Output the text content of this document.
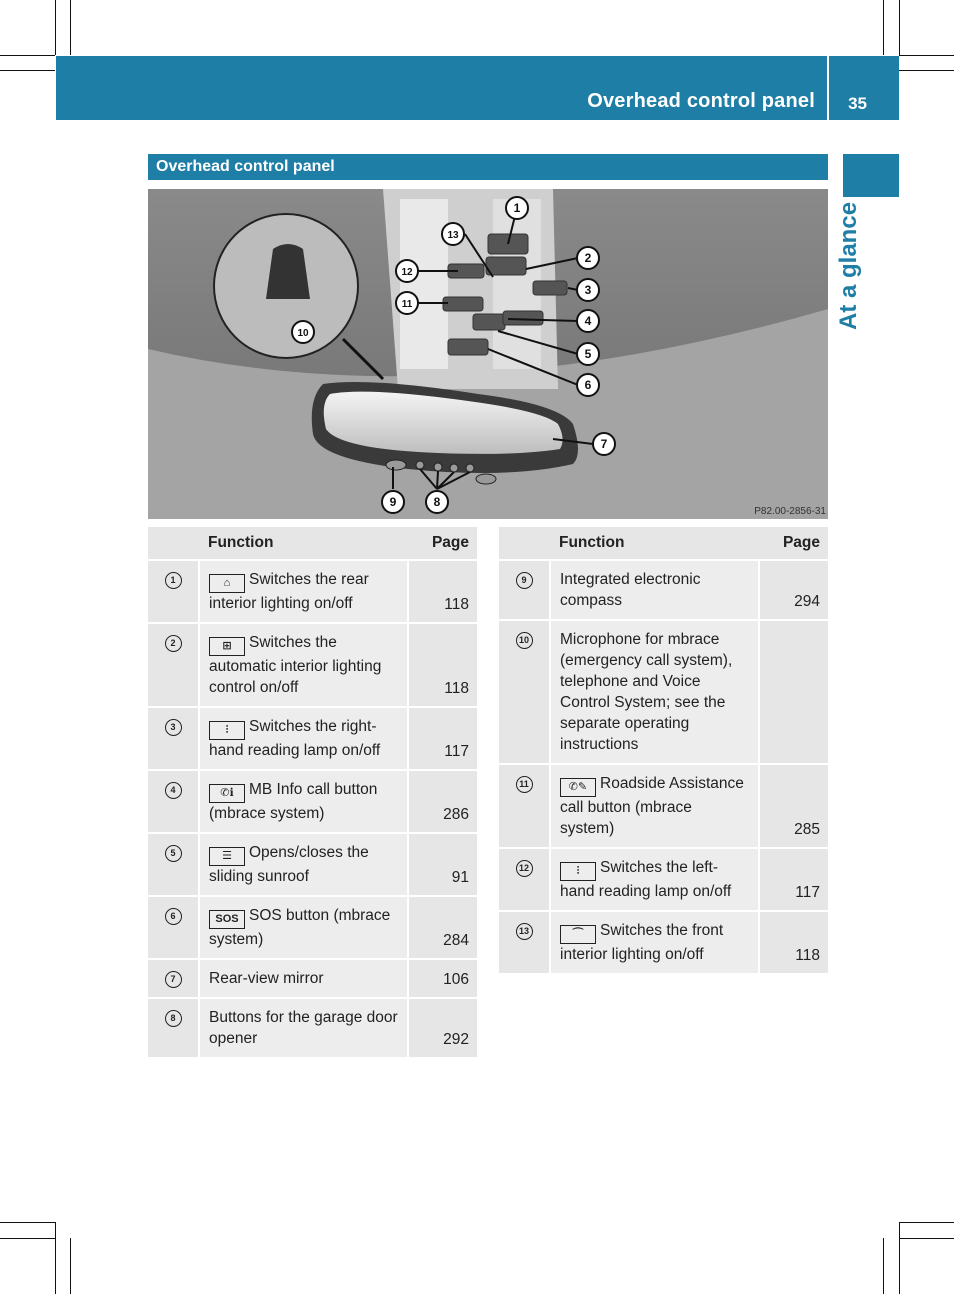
Overhead control panel 35
At a glance
Overhead control panel
1
2
3
4
5
6
7
8
9
10
11
12
13
P82.00-2856-31
	Function	Page
1	⌂ Switches the rear interior lighting on/off	118
2	⊞ Switches the automatic interior lighting control on/off	118
3	⫶ Switches the right-hand reading lamp on/off	117
4	✆ℹ MB Info call button (mbrace system)	286
5	☰ Opens/closes the sliding sunroof	91
6	SOS SOS button (mbrace system)	284
7	Rear-view mirror	106
8	Buttons for the garage door opener	292
	Function	Page
9	Integrated electronic compass	294
10	Microphone for mbrace (emergency call system), telephone and Voice Control System; see the separate operating instructions	
11	✆✎ Roadside Assistance call button (mbrace system)	285
12	⫶ Switches the left-hand reading lamp on/off	117
13	⌒ Switches the front interior lighting on/off	118
